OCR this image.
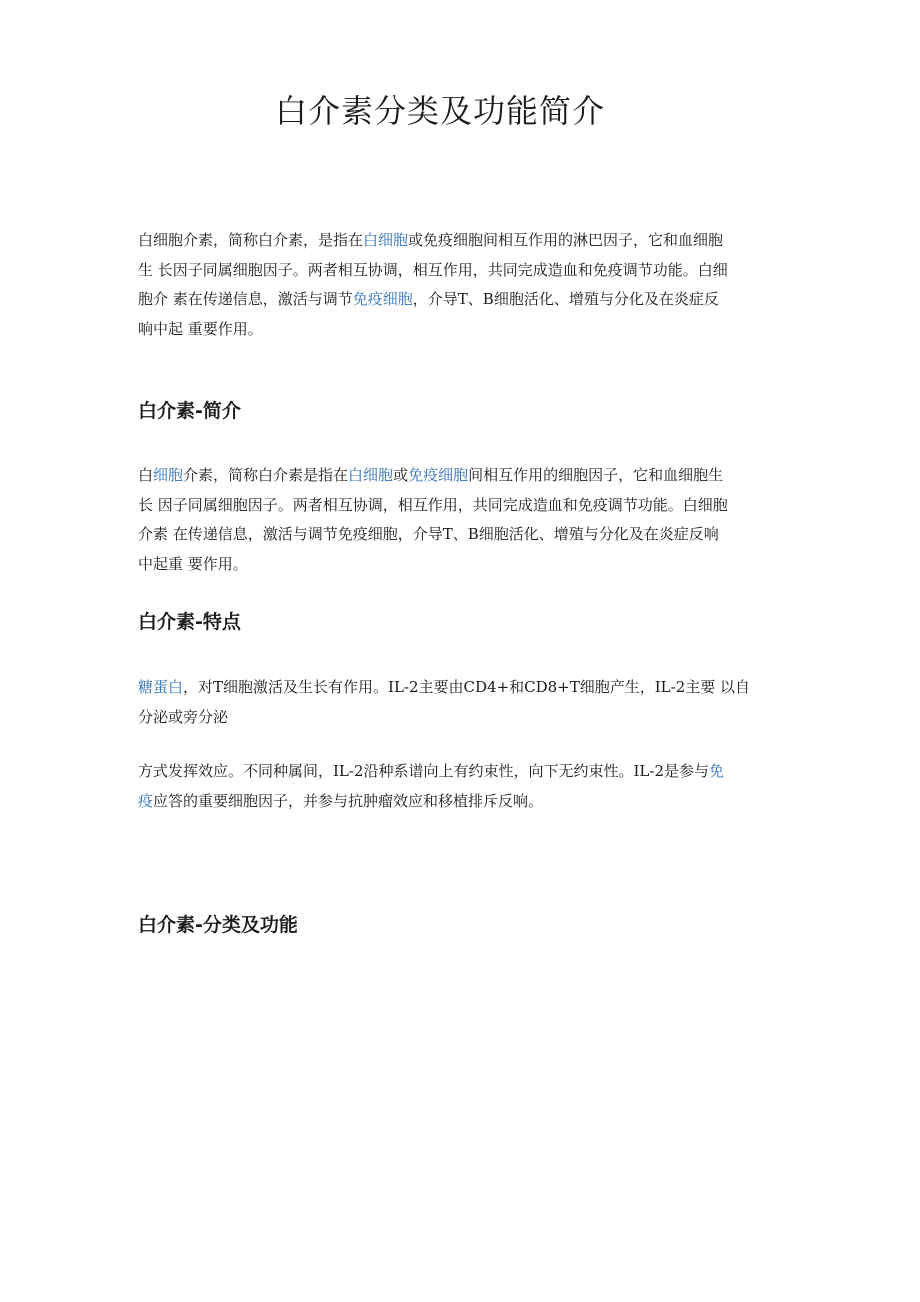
白介素分类及功能简介
白细胞介素，简称白介素，是指在白细胞或免疫细胞间相互作用的淋巴因子，它和血细胞
生 长因子同属细胞因子。两者相互协调，相互作用，共同完成造血和免疫调节功能。白细
胞介 素在传递信息，激活与调节免疫细胞，介导T、B细胞活化、增殖与分化及在炎症反
响中起 重要作用。
白介素-简介
白细胞介素，简称白介素是指在白细胞或免疫细胞间相互作用的细胞因子，它和血细胞生
长 因子同属细胞因子。两者相互协调，相互作用，共同完成造血和免疫调节功能。白细胞
介素 在传递信息，激活与调节免疫细胞，介导T、B细胞活化、增殖与分化及在炎症反响
中起重 要作用。
白介素-特点
糖蛋白，对T细胞激活及生长有作用。IL-2主要由CD4+和CD8+T细胞产生，IL-2主要 以自
分泌或旁分泌
方式发挥效应。不同种属间，IL-2沿种系谱向上有约束性，向下无约束性。IL-2是参与免
疫应答的重要细胞因子，并参与抗肿瘤效应和移植排斥反响。
白介素-分类及功能
